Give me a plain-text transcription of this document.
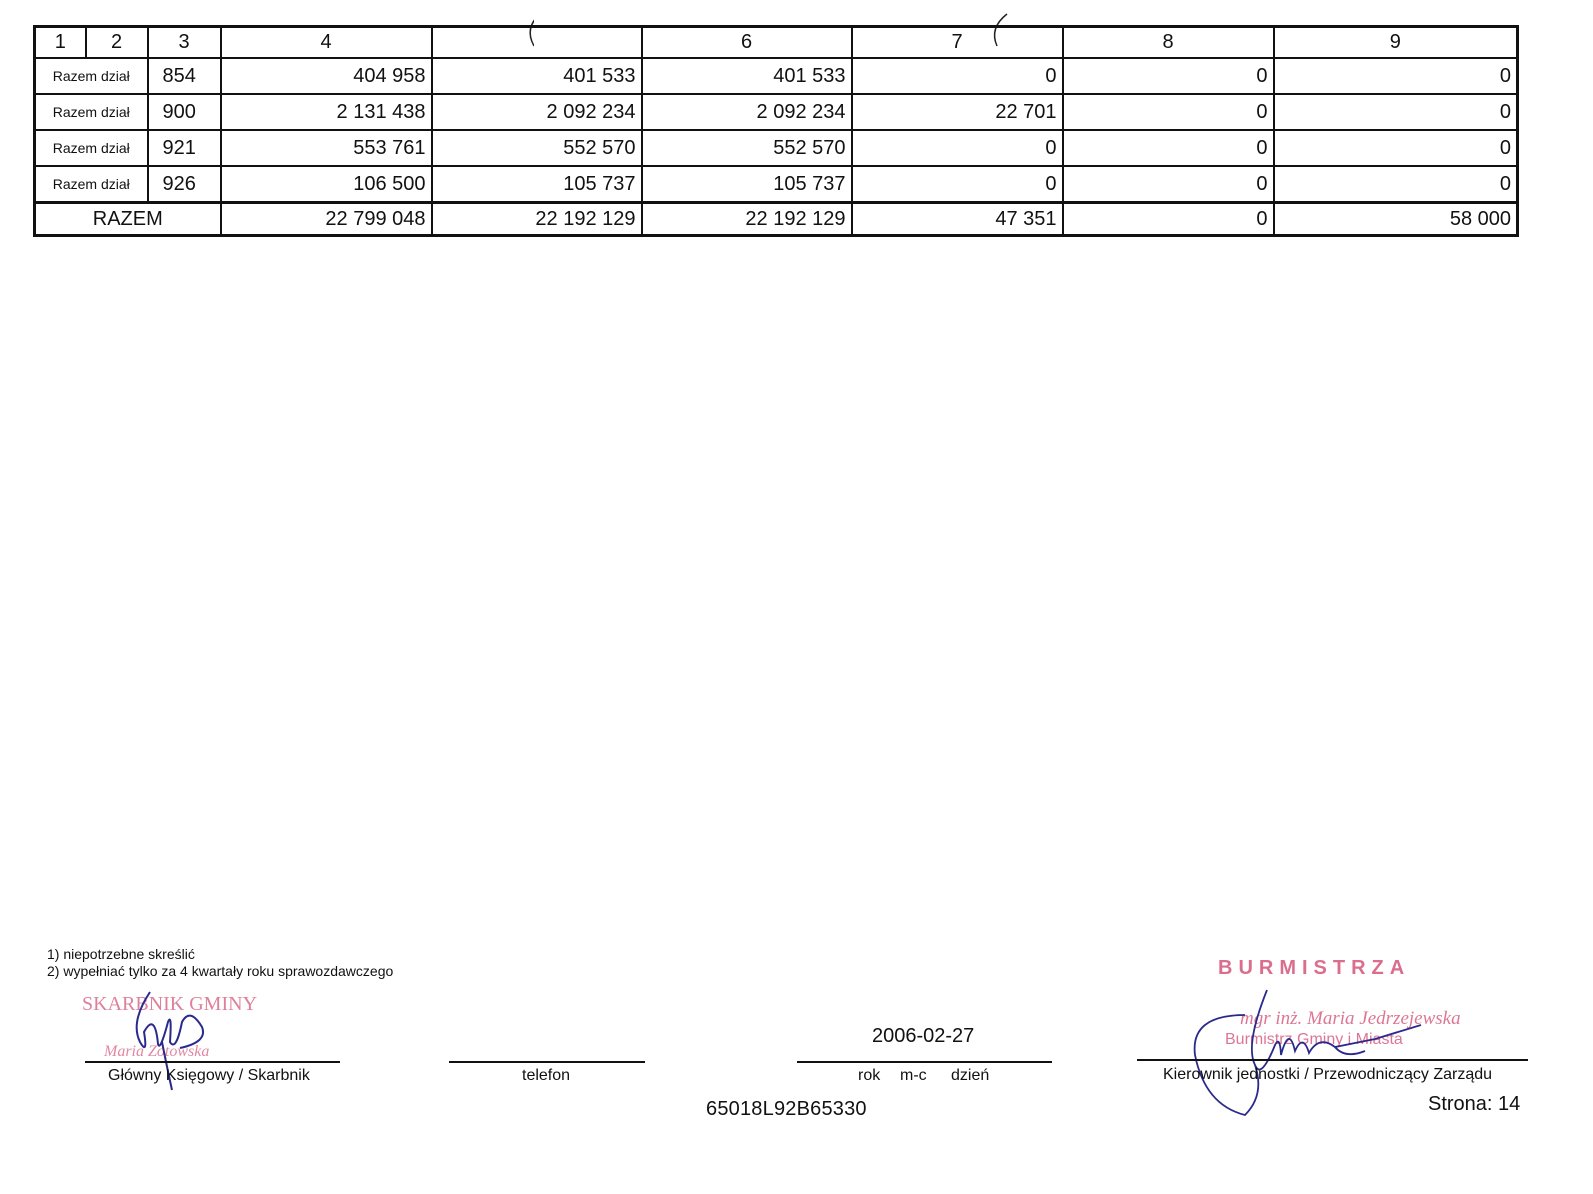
1	2	3	4		6	7	8	9
Razem dział		854	404 958	401 533	401 533	0	0	0
Razem dział		900	2 131 438	2 092 234	2 092 234	22 701	0	0
Razem dział		921	553 761	552 570	552 570	0	0	0
Razem dział		926	106 500	105 737	105 737	0	0	0
RAZEM			22 799 048	22 192 129	22 192 129	47 351	0	58 000
1) niepotrzebne skreślić
2) wypełniać tylko za 4 kwartały roku sprawozdawczego
SKARBNIK GMINY
Maria Zotowska
Główny Księgowy / Skarbnik	telefon
2006-02-27
rok m-c dzień
BURMISTRZA
mgr inż. Maria Jedrzejewska
Burmistrz Gminy i Miasta
Kierownik jednostki / Przewodniczący Zarządu
Strona: 14
65018L92B65330
